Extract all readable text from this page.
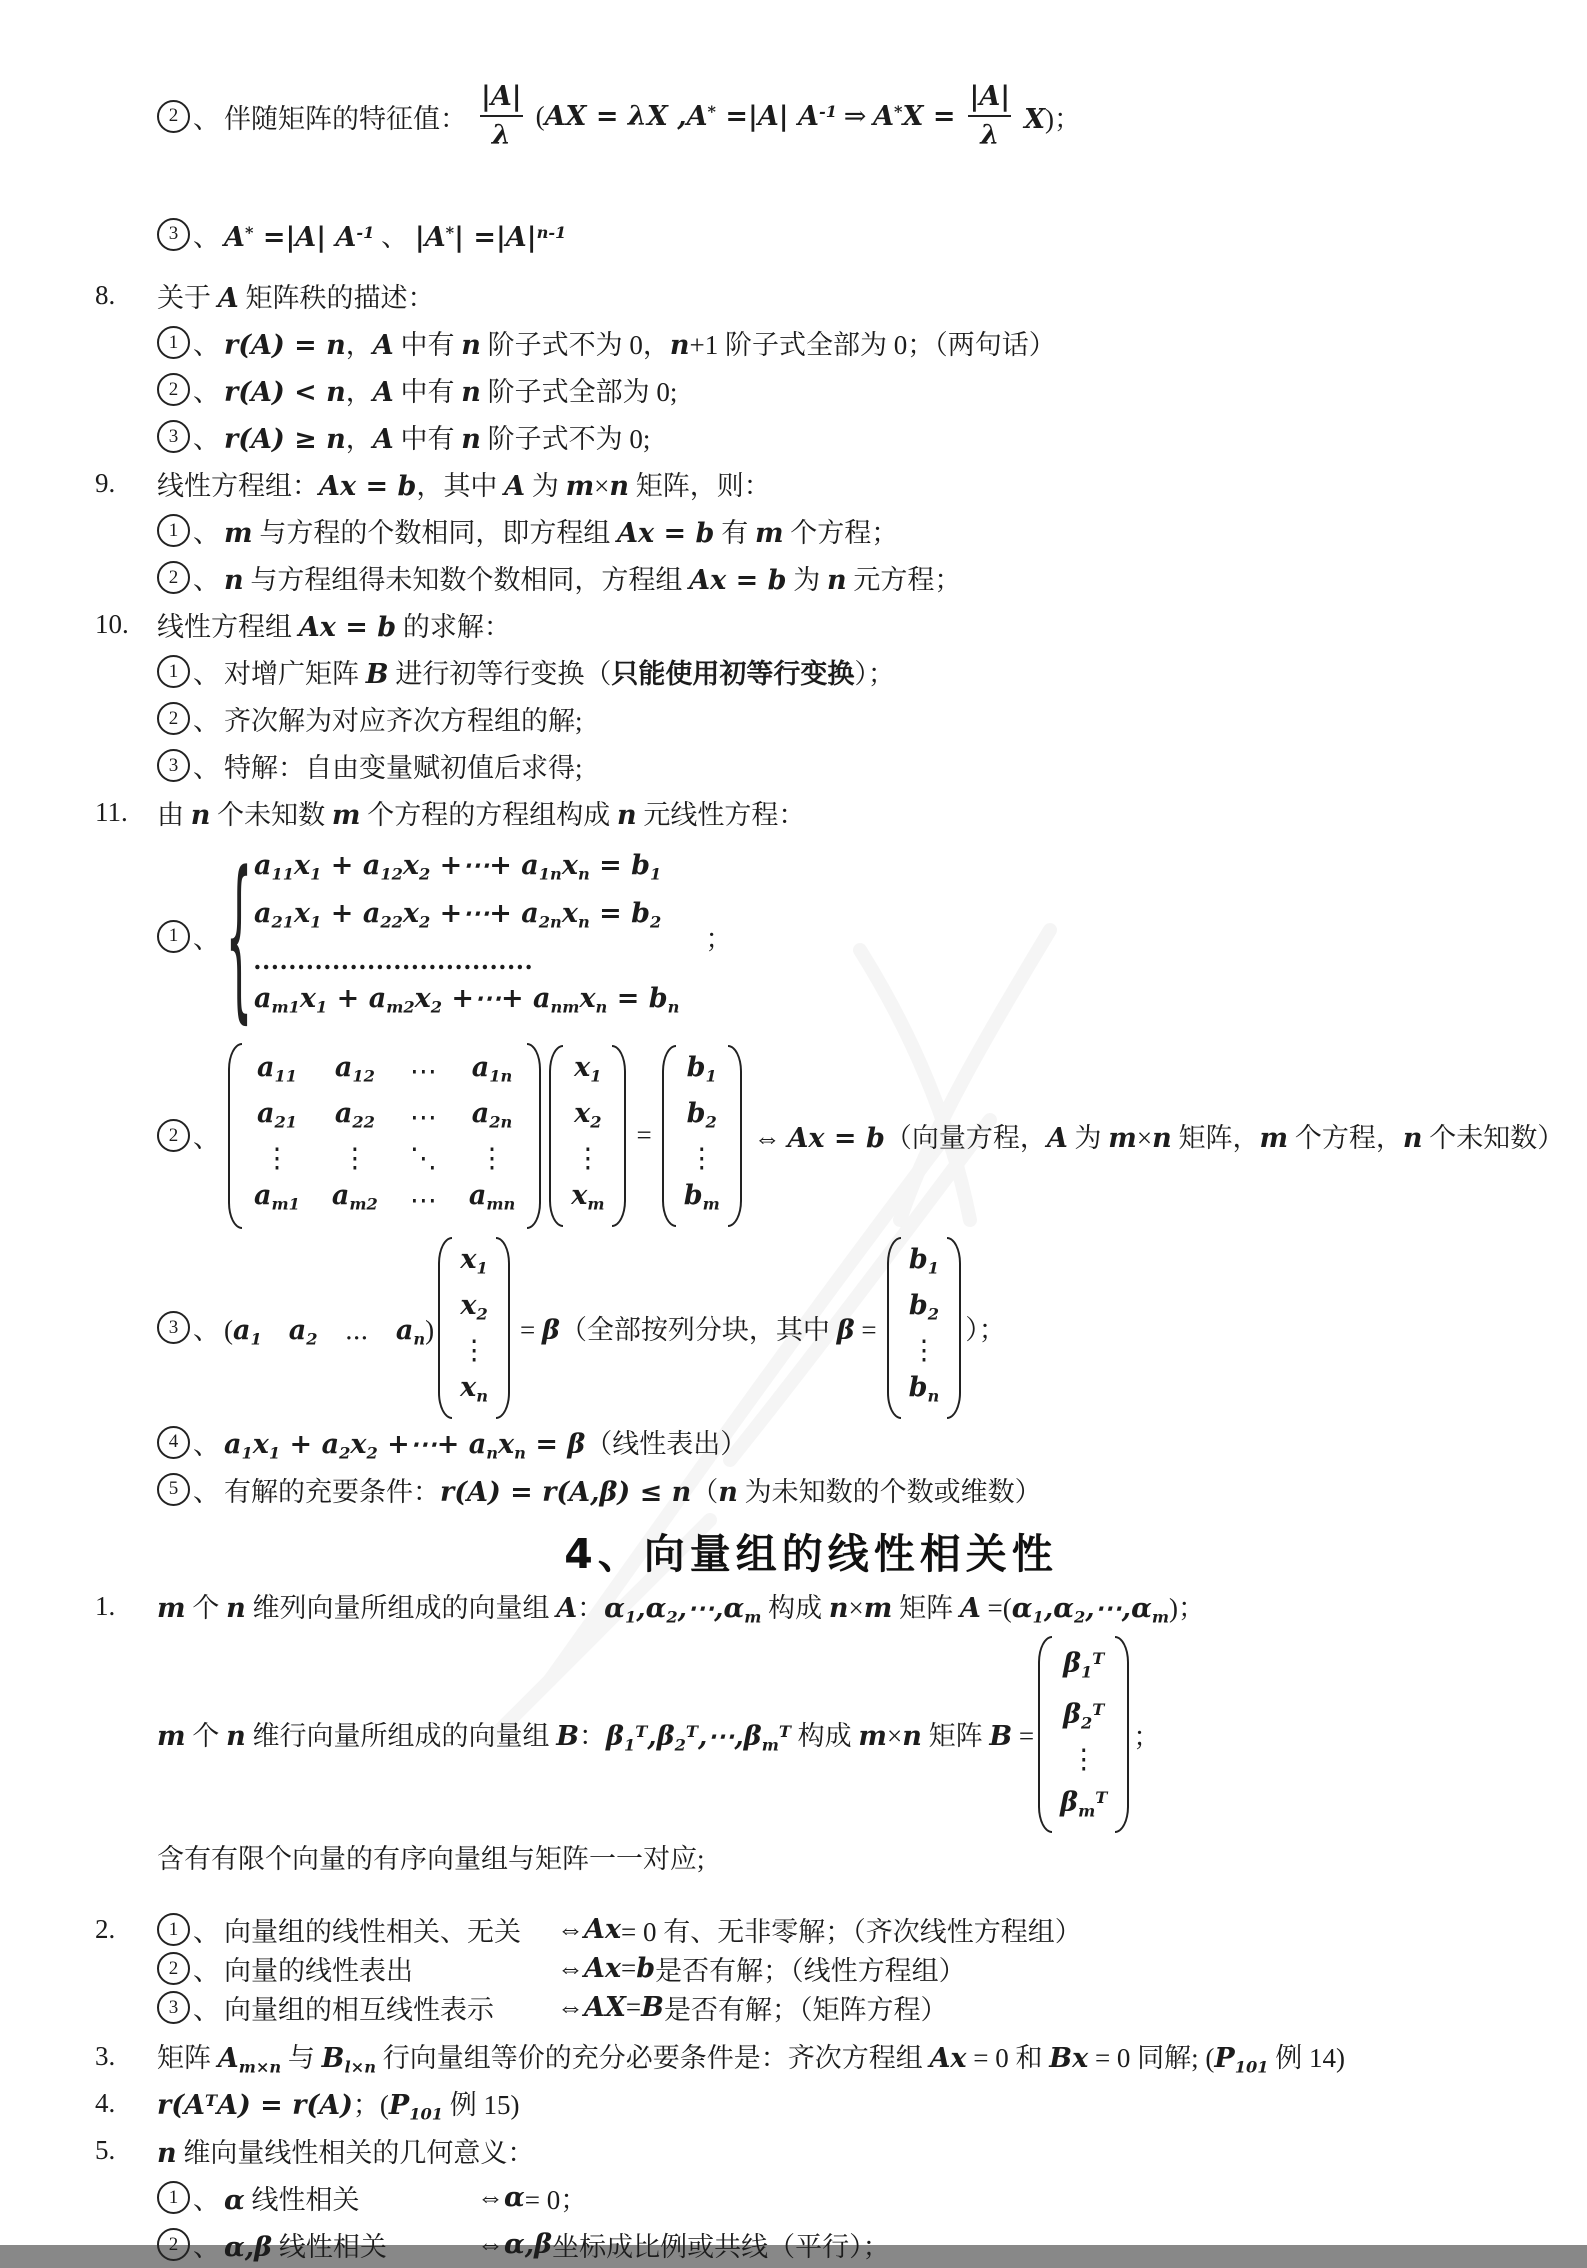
2 、 伴随矩阵的特征值： $\frac{|A|}{\lambda} (AX = \lambda X$ ,A* =|A| $A^{-1}$ ⇒ $A^*X = \frac{|A|}{\lambda} X$)；
3 、 A* =|A| $A^{-1}$ 、 $|A^*| =|A|^{n-1}$
8.	关于 A 矩阵秩的描述：
1 、 r(A) = n，A 中有 n 阶子式不为 0，n+1 阶子式全部为 0；（两句话）
2 、 r(A) < n，A 中有 n 阶子式全部为 0;
3 、 r(A) ≥ n，A 中有 n 阶子式不为 0;
9.	线性方程组：Ax = b，其中 A 为 m×n 矩阵，则：
1 、 m 与方程的个数相同，即方程组 Ax = b 有 m 个方程；
2 、 n 与方程组得未知数个数相同，方程组 Ax = b 为 n 元方程；
10.	线性方程组 Ax = b 的求解：
1 、 对增广矩阵 B 进行初等行变换（只能使用初等行变换）；
2 、 齐次解为对应齐次方程组的解;
3 、 特解：自由变量赋初值后求得;
11.	由 n 个未知数 m 个方程的方程组构成 n 元线性方程：
1 、 { $a_{11}x_1 + a_{12}x_2$ +⋯+ $a_{1n}x_n = b_1$
$a_{21}x_1 + a_{22}x_2$ +⋯+ $a_{2n}x_n = b_2$
................................
$a_{m1}x_1 + a_{m2}x_2$ +⋯+ $a_{nm}x_n = b_n$
；
2 、
$a_{11}$ $a_{12}$ ⋯ $a_{1n}$
$a_{21}$ $a_{22}$ ⋯ $a_{2n}$
⋮ ⋮ ⋱ ⋮
$a_{m1}$ $a_{m2}$ ⋯ $a_{mn}$
$x_1$
$x_2$
⋮
$x_m$
=
$b_1$
$b_2$
⋮
$b_m$
⇔ Ax = b（向量方程，A 为 m×n 矩阵，m 个方程，n 个未知数）
3 、 ($a_1$　 $a_2$　⋯　$a_n$)
$x_1$
$x_2$
⋮
$x_n$
= β（全部按列分块，其中 β =
$b_1$
$b_2$
⋮
$b_n$
）；
4 、 $a_1x_1 + a_2x_2$ +⋯+ $a_nx_n = \beta$（线性表出）
5 、 有解的充要条件：r(A) = r(A,β) ≤ n（n 为未知数的个数或维数）
4、向量组的线性相关性
1.	m 个 n 维列向量所组成的向量组 A：$\alpha_1,\alpha_2,\cdots,\alpha_m$ 构成 n×m 矩阵 $A =(\alpha_1,\alpha_2,\cdots,\alpha_m)$；
m 个 n 维行向量所组成的向量组 B：$\beta_1^T,\beta_2^T,\cdots,\beta_m^T$ 构成 m×n 矩阵 B =
$\beta_1^T$
$\beta_2^T$
⋮
$\beta_m^T$
；
含有有限个向量的有序向量组与矩阵一一对应;
2.	1 、 向量组的线性相关、无关 ⇔ Ax = 0 有、无非零解；（齐次线性方程组）
2 、 向量的线性表出	⇔ Ax = b 是否有解；（线性方程组）
3 、 向量组的相互线性表示 ⇔ AX = B 是否有解；（矩阵方程）
3.	矩阵 $A_{m\times n}$ 与 $B_{l\times n}$ 行向量组等价的充分必要条件是：齐次方程组 Ax = 0 和 Bx = 0 同解; ($P_{101}$ 例 14)
4.	$r(A^TA) = r(A)$；($P_{101}$ 例 15)
5.	n 维向量线性相关的几何意义：
1 、 α 线性相关	⇔ α = 0；
2 、 α,β 线性相关	⇔ α,β 坐标成比例或共线（平行）；
